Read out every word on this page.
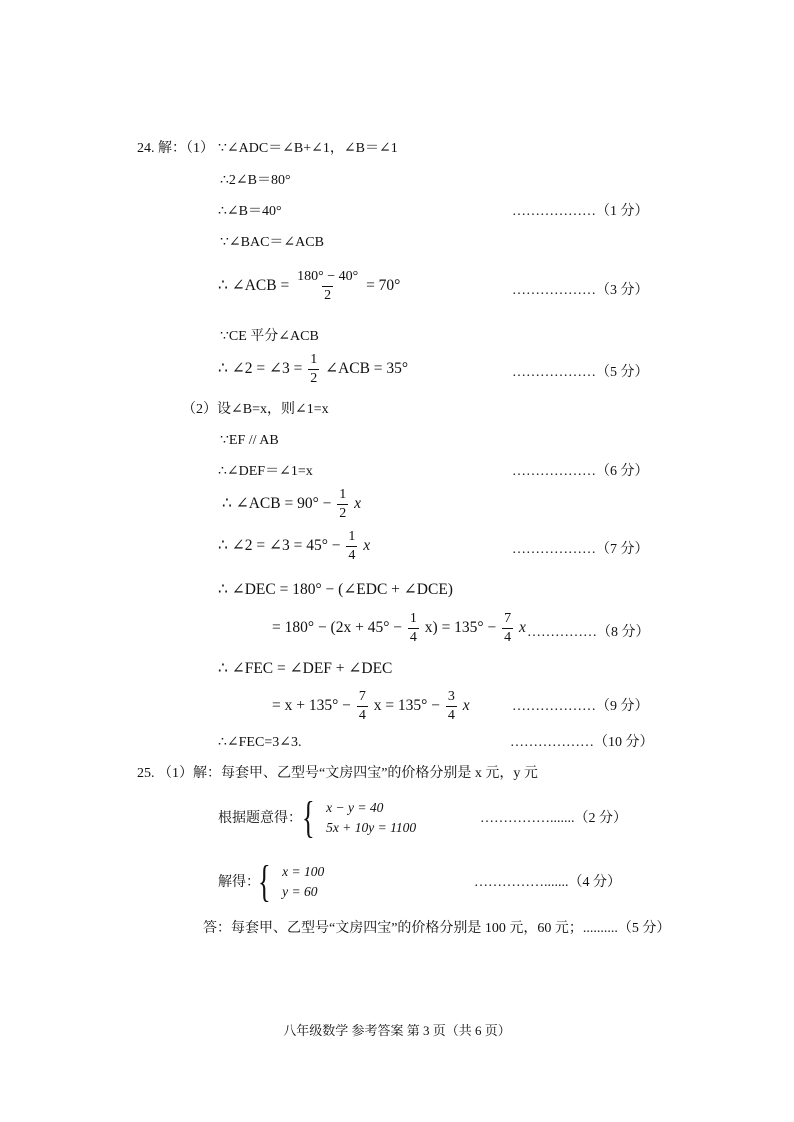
24. 解：（1） ∵∠ADC＝∠B+∠1，∠B＝∠1
∴2∠B＝80°
∴∠B＝40°	………………（1 分）
∵∠BAC＝∠ACB
∴ ∠ACB = $\frac{180^\circ - 40^\circ}{2} = 70^\circ$	………………（3 分）
∵CE 平分∠ACB
∴ ∠2 = ∠3 = $\frac{1}{2}$ ∠ACB = 35°	………………（5 分）
（2）设∠B=x，则∠1=x
∵EF // AB
∴∠DEF＝∠1=x	………………（6 分）
∴ ∠ACB = $90^\circ - \frac{1}{2}$ x
∴ ∠2 = ∠3 = $45^\circ - \frac{1}{4}$ x	………………（7 分）
∴ ∠DEC = 180° − (∠EDC + ∠DCE)
= $180^\circ - (2x + 45^\circ - \frac{1}{4} x) = 135^\circ - \frac{7}{4}$ x ……………（8 分）
∴ ∠FEC = ∠DEF + ∠DEC
= $x + 135^\circ - \frac{7}{4}$ $x = 135^\circ - \frac{3}{4}$ x	………………（9 分）
∴∠FEC=3∠3.	………………（10 分）
25. （1）解：每套甲、乙型号“文房四宝”的价格分别是 x 元，y 元
根据题意得： { x − y = 40
5x + 10y = 1100
…………….......（2 分）
解得：
{ x = 100
y = 60
…………….......（4 分）
答：每套甲、乙型号“文房四宝”的价格分别是 100 元，60 元；..........（5 分）
八年级数学 参考答案 第 3 页（共 6 页）
